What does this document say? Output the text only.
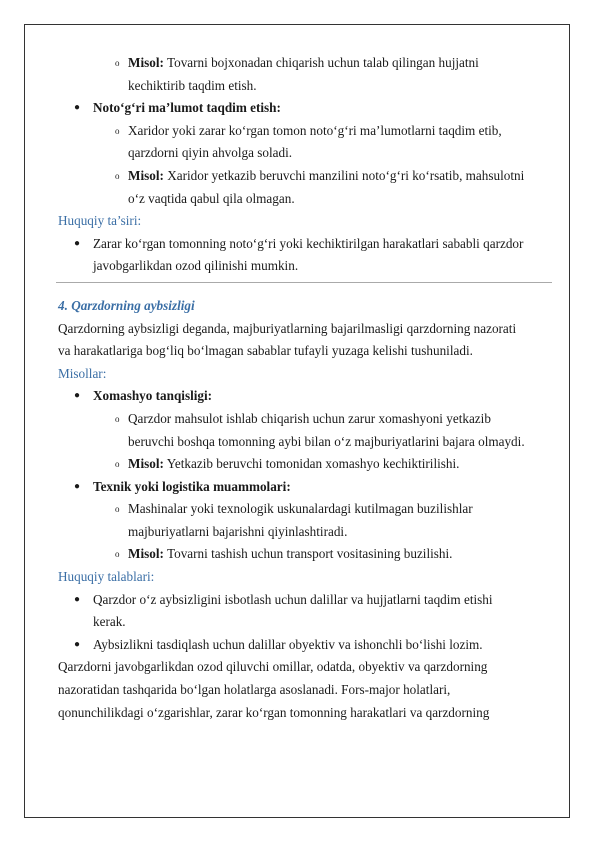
o Misol: Tovarni bojxonadan chiqarish uchun talab qilingan hujjatni
kechiktirib taqdim etish.
● Noto‘g‘ri ma’lumot taqdim etish:
o Xaridor yoki zarar ko‘rgan tomon noto‘g‘ri ma’lumotlarni taqdim etib,
qarzdorni qiyin ahvolga soladi.
o Misol: Xaridor yetkazib beruvchi manzilini noto‘g‘ri ko‘rsatib, mahsulotni
o‘z vaqtida qabul qila olmagan.
Huquqiy ta’siri:
● Zarar ko‘rgan tomonning noto‘g‘ri yoki kechiktirilgan harakatlari sababli qarzdor
javobgarlikdan ozod qilinishi mumkin.
4. Qarzdorning aybsizligi
Qarzdorning aybsizligi deganda, majburiyatlarning bajarilmasligi qarzdorning nazorati
va harakatlariga bog‘liq bo‘lmagan sabablar tufayli yuzaga kelishi tushuniladi.
Misollar:
● Xomashyo tanqisligi:
o Qarzdor mahsulot ishlab chiqarish uchun zarur xomashyoni yetkazib
beruvchi boshqa tomonning aybi bilan o‘z majburiyatlarini bajara olmaydi.
o Misol: Yetkazib beruvchi tomonidan xomashyo kechiktirilishi.
● Texnik yoki logistika muammolari:
o Mashinalar yoki texnologik uskunalardagi kutilmagan buzilishlar
majburiyatlarni bajarishni qiyinlashtiradi.
o Misol: Tovarni tashish uchun transport vositasining buzilishi.
Huquqiy talablari:
● Qarzdor o‘z aybsizligini isbotlash uchun dalillar va hujjatlarni taqdim etishi
kerak.
● Aybsizlikni tasdiqlash uchun dalillar obyektiv va ishonchli bo‘lishi lozim.
Qarzdorni javobgarlikdan ozod qiluvchi omillar, odatda, obyektiv va qarzdorning
nazoratidan tashqarida bo‘lgan holatlarga asoslanadi. Fors-major holatlari,
qonunchilikdagi o‘zgarishlar, zarar ko‘rgan tomonning harakatlari va qarzdorning
